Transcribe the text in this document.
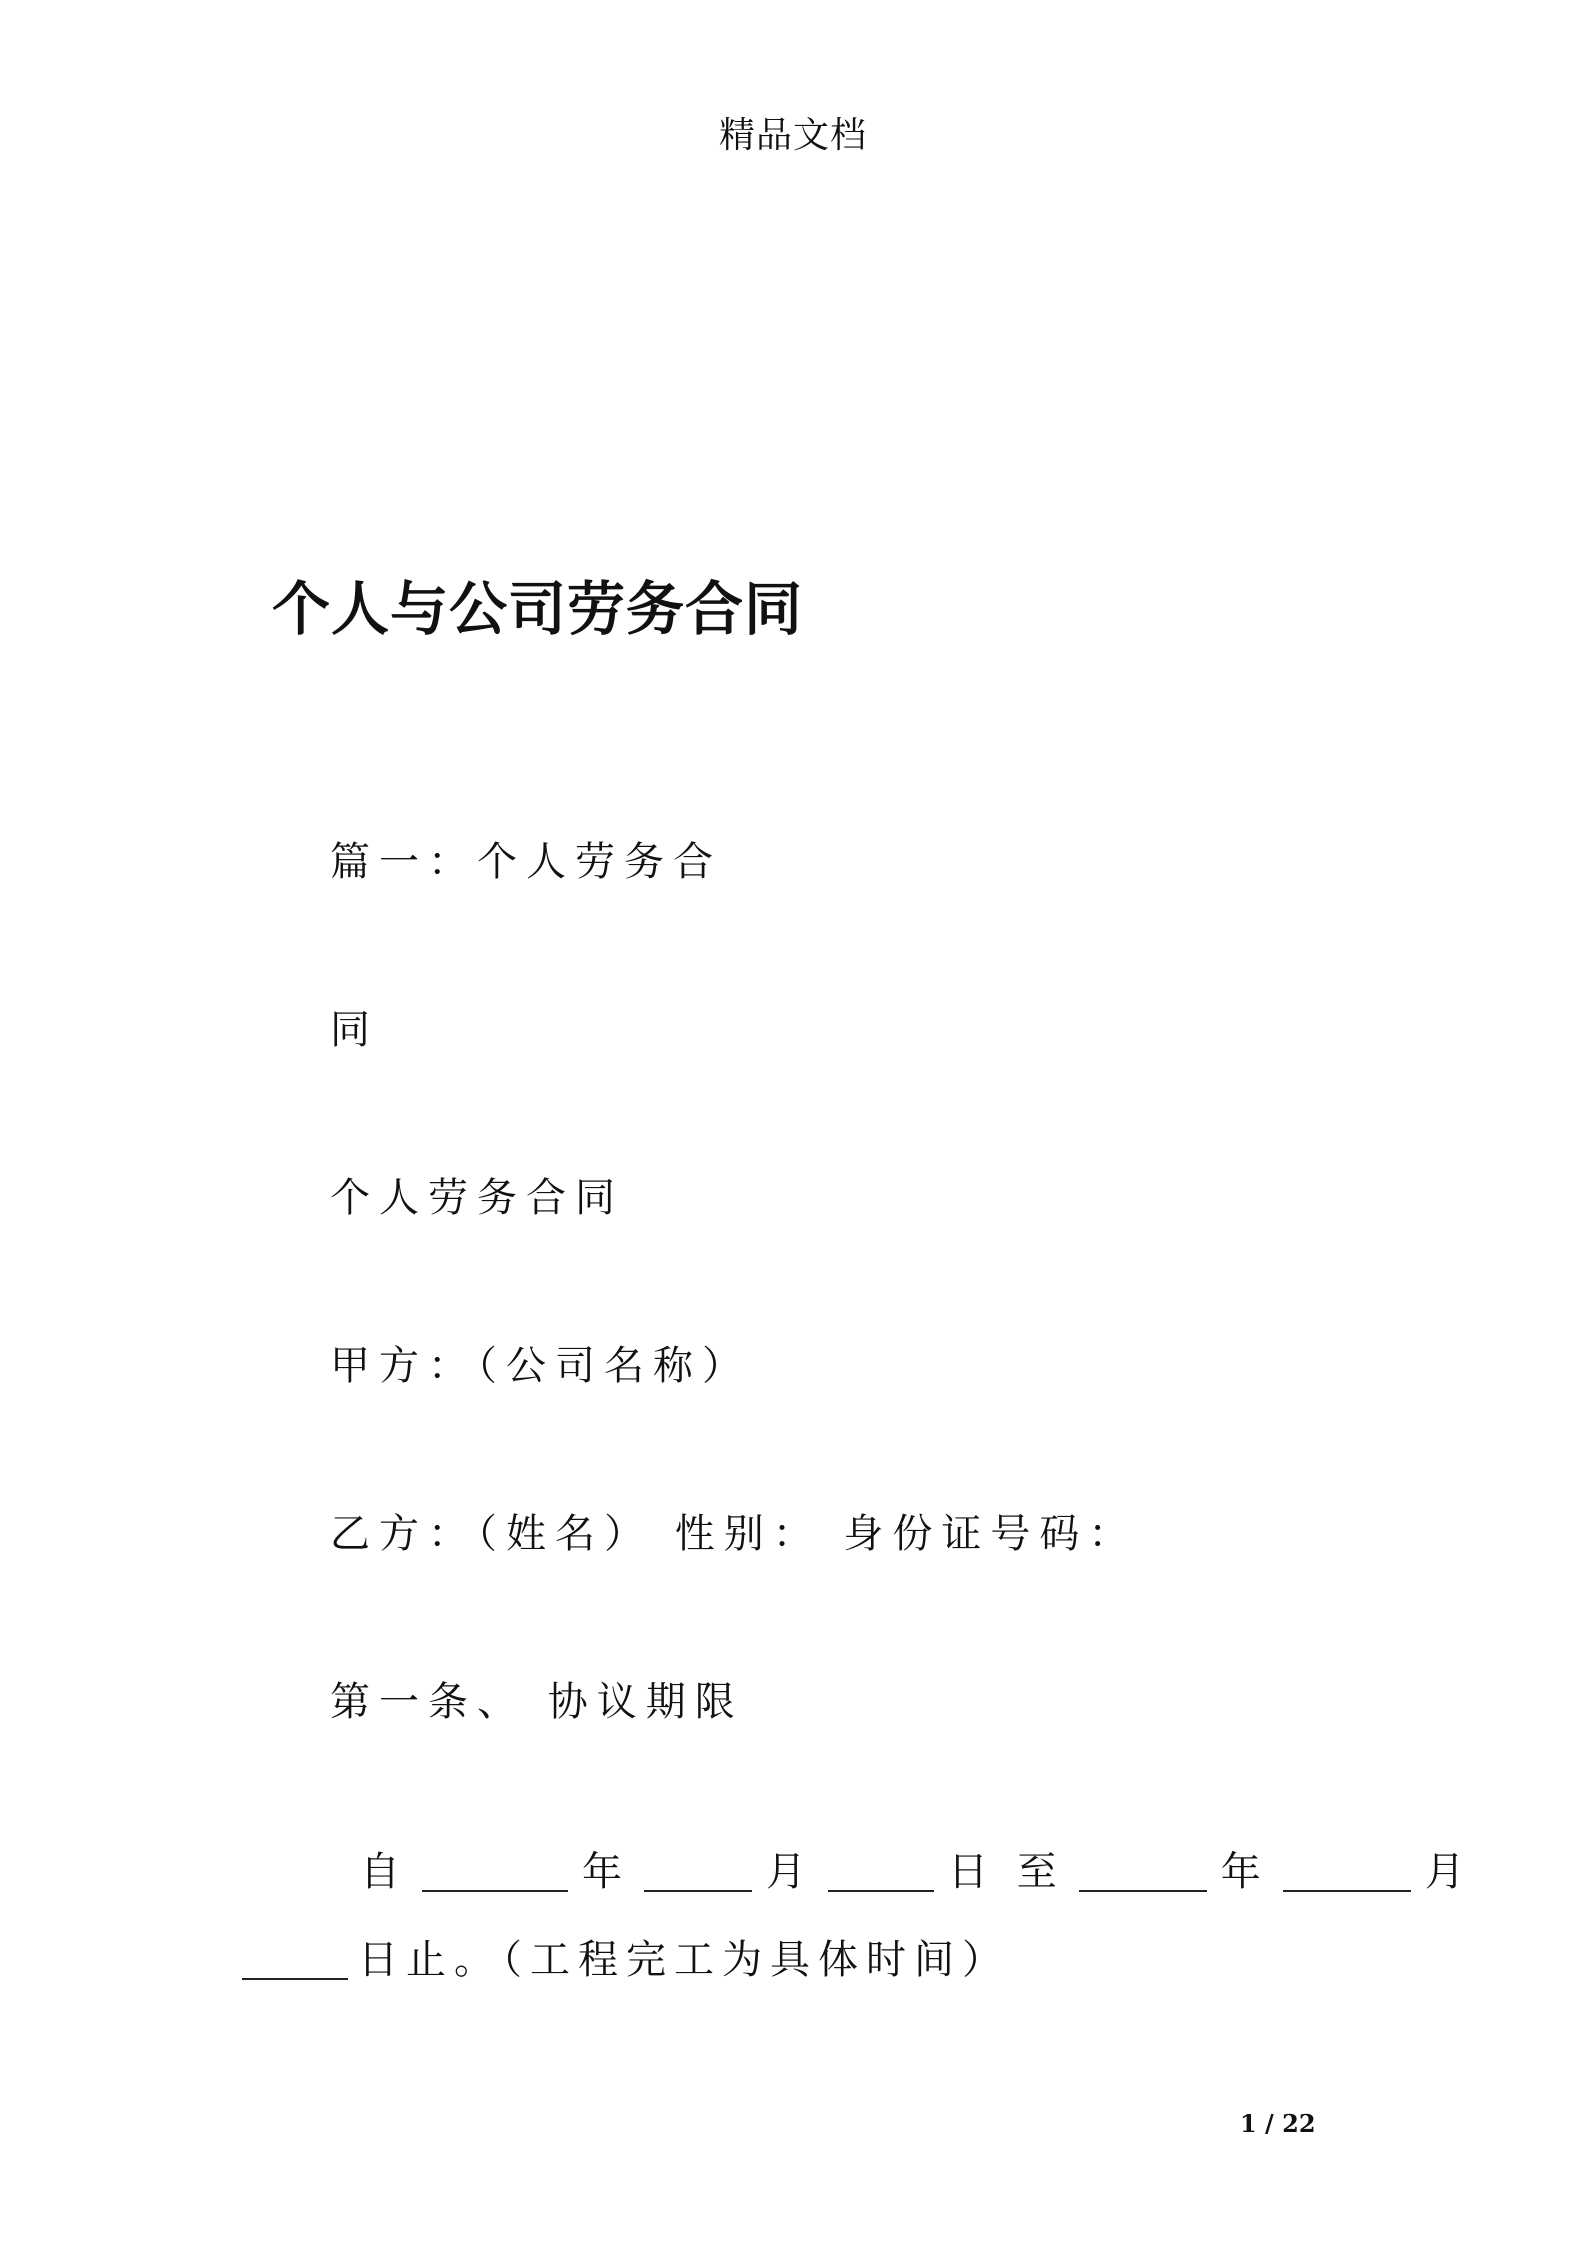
精品文档
个人与公司劳务合同
篇一：个人劳务合
同
个人劳务合同
甲方：（公司名称）
乙方：（姓名） 性别： 身份证号码：
第一条、 协议期限
自	年	月	日 至	年	月
日止。（工程完工为具体时间）
1 / 22
